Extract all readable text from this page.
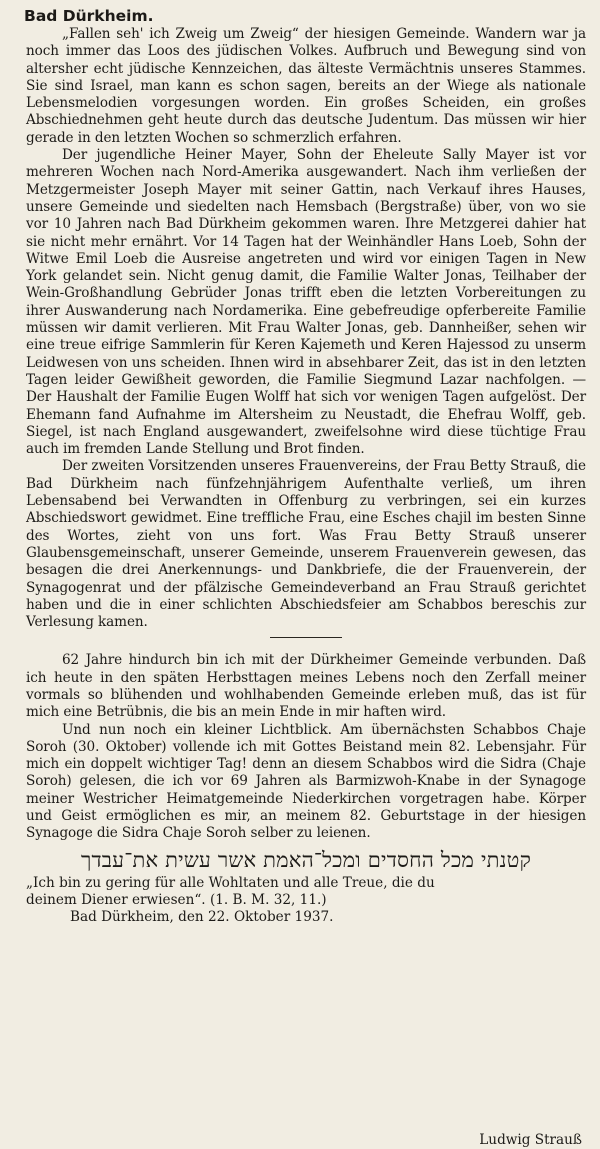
Bad Dürkheim.

„Fallen seh' ich Zweig um Zweig“ der hiesigen Gemeinde. Wandern war ja noch immer das Loos des jüdischen Volkes. Aufbruch und Bewegung sind von altersher echt jüdische Kennzeichen, das älteste Vermächtnis unseres Stammes. Sie sind Israel, man kann es schon sagen, bereits an der Wiege als nationale Lebensmelodien vorgesungen worden. Ein großes Scheiden, ein großes Abschiednehmen geht heute durch das deutsche Judentum. Das müssen wir hier gerade in den letzten Wochen so schmerzlich erfahren.

Der jugendliche Heiner Mayer, Sohn der Eheleute Sally Mayer ist vor mehreren Wochen nach Nord-Amerika ausgewandert. Nach ihm verließen der Metzgermeister Joseph Mayer mit seiner Gattin, nach Verkauf ihres Hauses, unsere Gemeinde und siedelten nach Hemsbach (Bergstraße) über, von wo sie vor 10 Jahren nach Bad Dürkheim gekommen waren. Ihre Metzgerei dahier hat sie nicht mehr ernährt. Vor 14 Tagen hat der Weinhändler Hans Loeb, Sohn der Witwe Emil Loeb die Ausreise angetreten und wird vor einigen Tagen in New York gelandet sein. Nicht genug damit, die Familie Walter Jonas, Teilhaber der Wein-Großhandlung Gebrüder Jonas trifft eben die letzten Vorbereitungen zu ihrer Auswanderung nach Nordamerika. Eine gebefreudige opferbereite Familie müssen wir damit verlieren. Mit Frau Walter Jonas, geb. Dannheißer, sehen wir eine treue eifrige Sammlerin für Keren Kajemeth und Keren Hajessod zu unserm Leidwesen von uns scheiden. Ihnen wird in absehbarer Zeit, das ist in den letzten Tagen leider Gewißheit geworden, die Familie Siegmund Lazar nachfolgen. — Der Haushalt der Familie Eugen Wolff hat sich vor wenigen Tagen aufgelöst. Der Ehemann fand Aufnahme im Altersheim zu Neustadt, die Ehefrau Wolff, geb. Siegel, ist nach England ausgewandert, zweifelsohne wird diese tüchtige Frau auch im fremden Lande Stellung und Brot finden.

Der zweiten Vorsitzenden unseres Frauenvereins, der Frau Betty Strauß, die Bad Dürkheim nach fünfzehnjährigem Aufenthalte verließ, um ihren Lebensabend bei Verwandten in Offenburg zu verbringen, sei ein kurzes Abschiedswort gewidmet. Eine treffliche Frau, eine Esches chajil im besten Sinne des Wortes, zieht von uns fort. Was Frau Betty Strauß unserer Glaubensgemeinschaft, unserer Gemeinde, unserem Frauenverein gewesen, das besagen die drei Anerkennungs- und Dankbriefe, die der Frauenverein, der Synagogenrat und der pfälzische Gemeindeverband an Frau Strauß gerichtet haben und die in einer schlichten Abschiedsfeier am Schabbos bereschis zur Verlesung kamen.

62 Jahre hindurch bin ich mit der Dürkheimer Gemeinde verbunden. Daß ich heute in den späten Herbsttagen meines Lebens noch den Zerfall meiner vormals so blühenden und wohlhabenden Gemeinde erleben muß, das ist für mich eine Betrübnis, die bis an mein Ende in mir haften wird.

Und nun noch ein kleiner Lichtblick. Am übernächsten Schabbos Chaje Soroh (30. Oktober) vollende ich mit Gottes Beistand mein 82. Lebensjahr. Für mich ein doppelt wichtiger Tag! denn an diesem Schabbos wird die Sidra (Chaje Soroh) gelesen, die ich vor 69 Jahren als Barmizwoh-Knabe in der Synagoge meiner Westricher Heimatgemeinde Niederkirchen vorgetragen habe. Körper und Geist ermöglichen es mir, an meinem 82. Geburtstage in der hiesigen Synagoge die Sidra Chaje Soroh selber zu leienen.

קטנתי מכל החסדים ומכל־האמת אשר עשית את־עבדך

„Ich bin zu gering für alle Wohltaten und alle Treue, die du

deinem Diener erwiesen“. (1. B. M. 32, 11.)

Bad Dürkheim, den 22. Oktober 1937.

Ludwig Strauß
